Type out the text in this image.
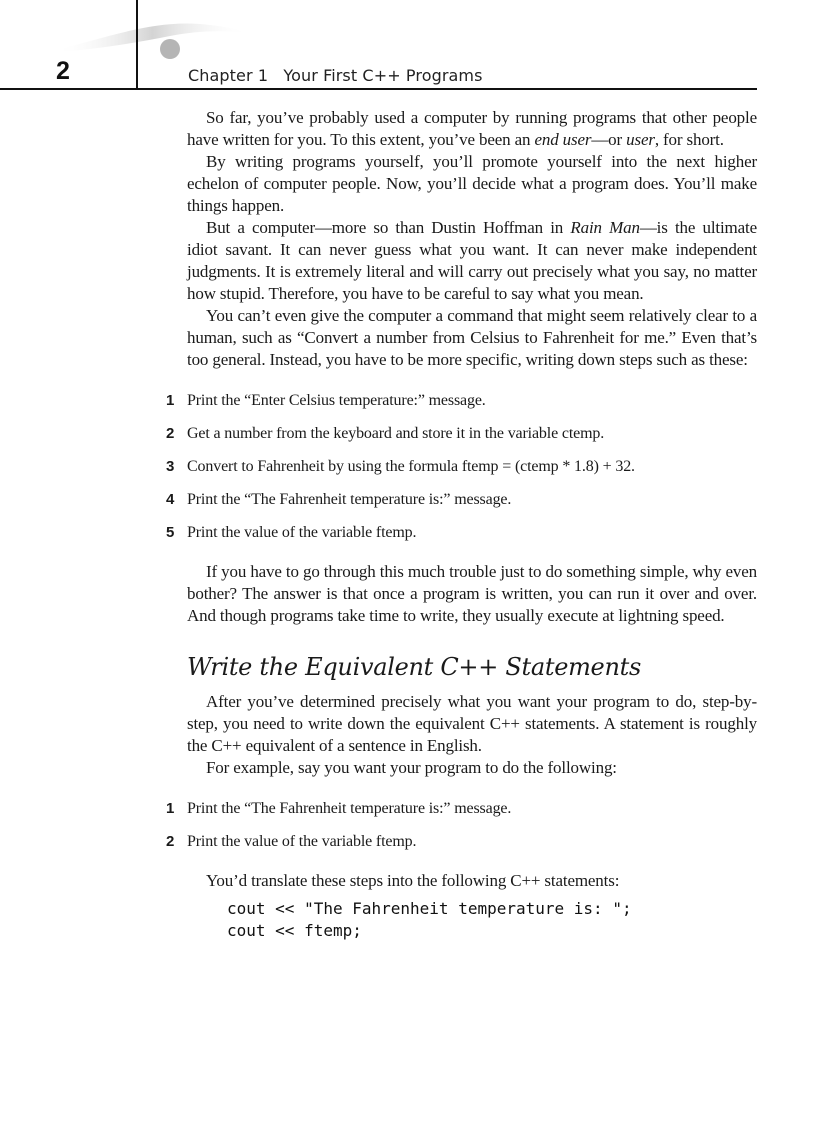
2	Chapter 1 Your First C++ Programs

So far, you’ve probably used a computer by running programs that other people have written for you. To this extent, you’ve been an end user—or user, for short.

By writing programs yourself, you’ll promote yourself into the next higher echelon of computer people. Now, you’ll decide what a program does. You’ll make things happen.

But a computer—more so than Dustin Hoffman in Rain Man—is the ultimate idiot savant. It can never guess what you want. It can never make independent judgments. It is extremely literal and will carry out precisely what you say, no matter how stupid. Therefore, you have to be careful to say what you mean.

You can’t even give the computer a command that might seem relatively clear to a human, such as “Convert a number from Celsius to Fahrenheit for me.” Even that’s too general. Instead, you have to be more specific, writing down steps such as these:

1 Print the “Enter Celsius temperature:” message.
2 Get a number from the keyboard and store it in the variable ctemp.
3 Convert to Fahrenheit by using the formula ftemp = (ctemp * 1.8) + 32.
4 Print the “The Fahrenheit temperature is:” message.
5 Print the value of the variable ftemp.

If you have to go through this much trouble just to do something simple, why even bother? The answer is that once a program is written, you can run it over and over. And though programs take time to write, they usually execute at lightning speed.

Write the Equivalent C++ Statements

After you’ve determined precisely what you want your program to do, step-by-step, you need to write down the equivalent C++ statements. A statement is roughly the C++ equivalent of a sentence in English.

For example, say you want your program to do the following:

1 Print the “The Fahrenheit temperature is:” message.
2 Print the value of the variable ftemp.

You’d translate these steps into the following C++ statements:

cout << "The Fahrenheit temperature is: ";
cout << ftemp;
